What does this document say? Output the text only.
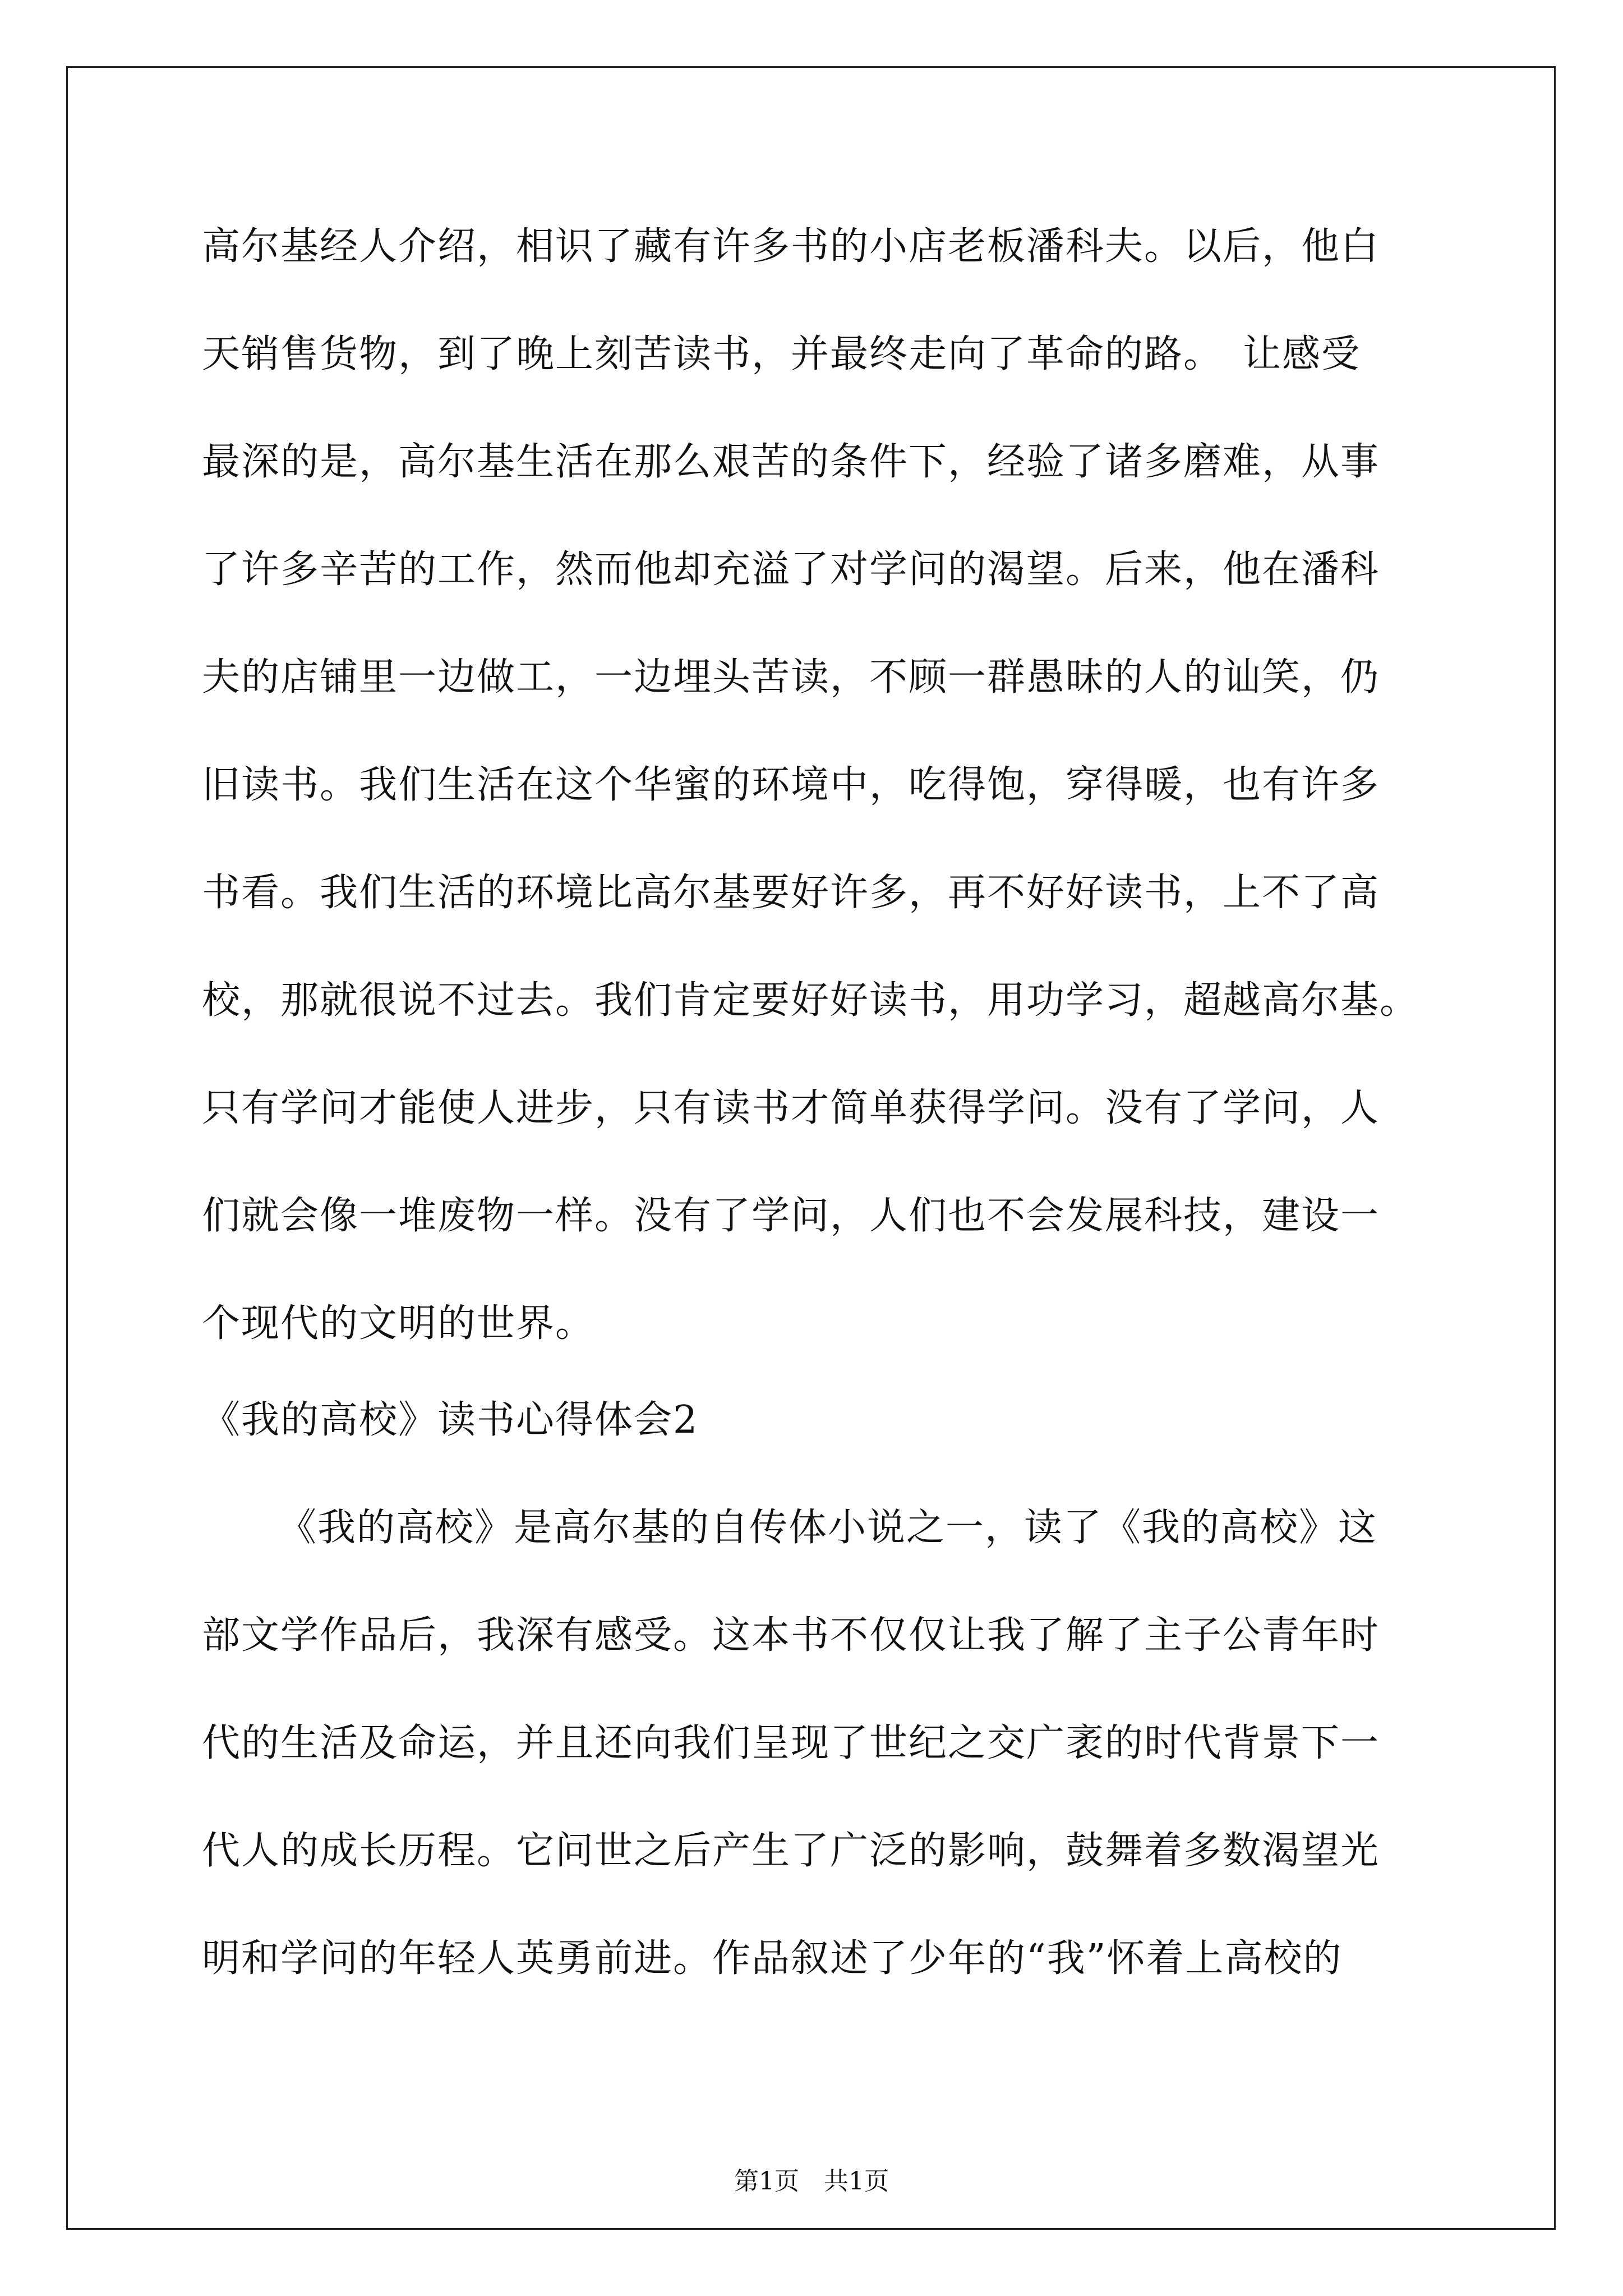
高尔基经人介绍，相识了藏有许多书的小店老板潘科夫。以后，他白
天销售货物，到了晚上刻苦读书，并最终走向了革命的路。　让感受
最深的是，高尔基生活在那么艰苦的条件下，经验了诸多磨难，从事
了许多辛苦的工作，然而他却充溢了对学问的渴望。后来，他在潘科
夫的店铺里一边做工，一边埋头苦读，不顾一群愚昧的人的讪笑，仍
旧读书。我们生活在这个华蜜的环境中，吃得饱，穿得暖，也有许多
书看。我们生活的环境比高尔基要好许多，再不好好读书，上不了高
校，那就很说不过去。我们肯定要好好读书，用功学习，超越高尔基。
只有学问才能使人进步，只有读书才简单获得学问。没有了学问，人
们就会像一堆废物一样。没有了学问，人们也不会发展科技，建设一
个现代的文明的世界。
《我的高校》读书心得体会2
《我的高校》是高尔基的自传体小说之一，读了《我的高校》这
部文学作品后，我深有感受。这本书不仅仅让我了解了主子公青年时
代的生活及命运，并且还向我们呈现了世纪之交广袤的时代背景下一
代人的成长历程。它问世之后产生了广泛的影响，鼓舞着多数渴望光
明和学问的年轻人英勇前进。作品叙述了少年的“我”怀着上高校的
第1页　共1页
